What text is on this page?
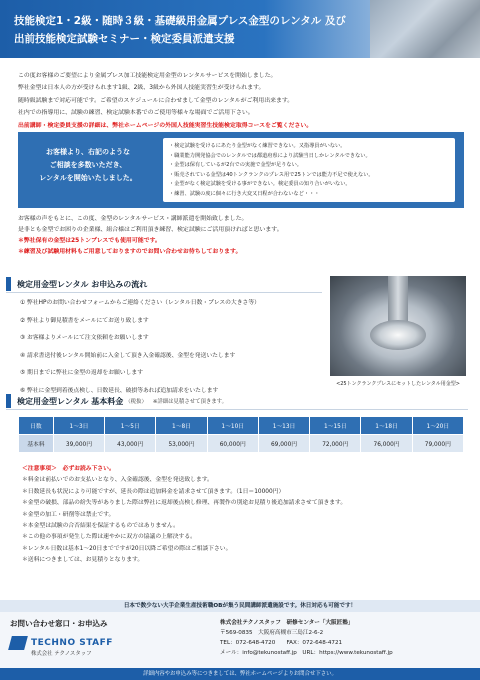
技能検定1・2級・随時３級・基礎級用金属プレス金型のレンタル 及び
出前技能検定試験セミナー・検定委員派遣支援

この度お客様のご要望により金属プレス加工技能検定用金型のレンタルサービスを開始しました。

弊社金型は日本人の方が受けられます1級、2級、3級から外国人技能実習生が受けられます。

随時級試験まで対応可能です。ご希望のスケジュールに合わせまして金型のレンタルがご利用出来ます。

社内での指導用に、試験の練習、検定試験本番でのご使用等様々な場面でご活用下さい。

出前講師・検定委員支援の詳細は、弊社ホームページの外国人技能実習生技能検定取得コースをご覧ください。

お客様より、右記のような
ご相談を多数いただき、
レンタルを開始いたしました。
・検定試験を受けるにあたり金型がなく練習できない。又指導員がいない。
・職業能力開発協会でのレンタルでは都道府県により試験当日しかレンタルできない。
・金型は保有しているが2台での実施で金型が足りない。
・販売されている金型は40トンクランクのプレス用で25トンでは能力不足で使えない。
・金型がなく検定試験を受ける事ができない。検定委員の知り合いがいない。
・練習、試験の度に個々に行き大変又日程が合わないなど・・・

お客様の声をもとに、この度、金型のレンタルサービス・講師派遣を開始致しました。

是非とも金型でお困りの企業様、組合様はご利用頂き練習、検定試験にご活用頂ければと思います。

＊弊社保有の金型は25トンプレスでも使用可能です。

＊練習及び試験用材料もご用意しておりますのでお問い合わせお待ちしております。

検定用金型レンタル お申込みの流れ
① 弊社HPのお問い合わせフォームからご連絡ください（レンタル日数・プレスの大きさ等）
② 弊社より御見積書をメールにてお送り致します
③ お客様よりメールにて注文依頼をお願いします
④ 請求書送付後レンタル開始前に入金して頂き入金確認後、金型を発送いたします
⑤ 期日までに弊社に金型の返却をお願いします
⑥ 弊社に金型到着後点検し、日数延長、破損等あれば追加請求をいたします
<25トンクランクプレスにセットしたレンタル用金型>
検定用金型レンタル 基本料金 （税抜） ※詳細は見積させて頂きます。
日数	1〜3日	1〜5日	1〜8日	1〜10日	1〜13日	1〜15日	1〜18日	1〜20日
基本料	39,000円	43,000円	53,000円	60,000円	69,000円	72,000円	76,000円	79,000円

＜注意事項＞　必ずお読み下さい。

＊料金は前払いでのお支払いとなり、入金確認後、金型を発送致します。

＊日数延長も状況により可能ですが、延長の際は追加料金を請求させて頂きます。（1日＝10000円）

＊金型の破損、部品の紛失等がありました際は弊社に返却後点検し修理、再製作の別途お見積り後追加請求させて頂きます。

＊金型の加工・研削等は禁止です。

＊本金型は試験の合否結果を保証するものではありません。

＊この他の事項が発生した際は速やかに双方の協議の上解決する。

＊レンタル日数は基本1〜20日までですが20日以降ご希望の際はご相談下さい。

＊送料につきましては、お見積りとなります。

日本で数少ない大手企業生産技術職OBが集う民間講師派遣施設です。休日対応も可能です！
お問い合わせ窓口・お申込み
TECHNO STAFF
株式会社 テクノスタッフ
株式会社テクノスタッフ　研修センター「大阪匠塾」
〒569-0835　大阪府高槻市三島江2-6-2
TEL：072-648-4720　　FAX：072-648-4721
メール：info@tekunostaff.jp　URL：https://www.tekunostaff.jp
詳細内容やお申込み等につきましては、弊社ホームページよりお問合せ下さい。
